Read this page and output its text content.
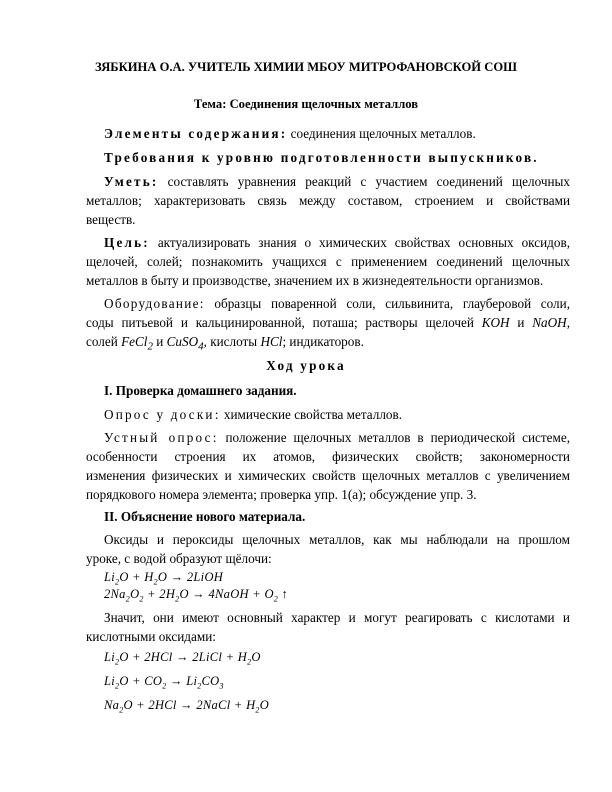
ЗЯБКИНА О.А. УЧИТЕЛЬ ХИМИИ МБОУ МИТРОФАНОВСКОЙ СОШ
Тема: Соединения щелочных металлов
Элементы содержания: соединения щелочных металлов.
Требования к уровню подготовленности выпускников.
Уметь: составлять уравнения реакций с участием соединений щелочных
металлов; характеризовать связь между составом, строением и свойствами
веществ.
Цель: актуализировать знания о химических свойствах основных оксидов,
щелочей, солей; познакомить учащихся с применением соединений щелочных
металлов в быту и производстве, значением их в жизнедеятельности организмов.
Оборудование: образцы поваренной соли, сильвинита, глауберовой соли,
соды питьевой и кальцинированной, поташа; растворы щелочей KOH и NaOH,
солей FeCl$_2$ и CuSO$_4$, кислоты HCl; индикаторов.
Ход урока
I. Проверка домашнего задания.
Опрос у доски: химические свойства металлов.
Устный опрос: положение щелочных металлов в периодической системе,
особенности строения их атомов, физических свойств; закономерности
изменения физических и химических свойств щелочных металлов с увеличением
порядкового номера элемента; проверка упр. 1(а); обсуждение упр. 3.
II. Объяснение нового материала.
Оксиды и пероксиды щелочных металлов, как мы наблюдали на прошлом
уроке, с водой образуют щёлочи:
$Li_2O + H_2O$ → 2LiOH
$2Na_2O_2 + 2H_2O$ → 4NaOH + $O_2$ ↑
Значит, они имеют основный характер и могут реагировать с кислотами и
кислотными оксидами:
$Li_2O + 2HCl$ → 2LiCl + $H_2O$
$Li_2O + CO_2 \to Li_2CO_3$
$Na_2O + 2HCl$ → 2NaCl + $H_2O$
